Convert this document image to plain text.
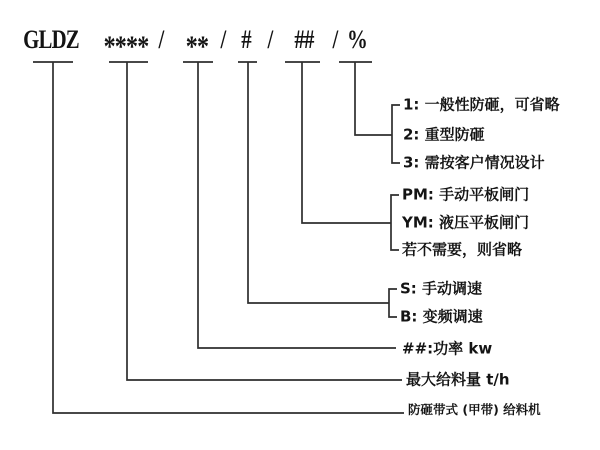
GLDZ **** / ** / # / ## / %
1: 一般性防砸，可省略
2: 重型防砸
3: 需按客户情况设计
PM: 手动平板闸门
YM: 液压平板闸门
若不需要，则省略
S: 手动调速
B: 变频调速
##:功率 kw
最大给料量 t/h
防砸带式 (甲带) 给料机
